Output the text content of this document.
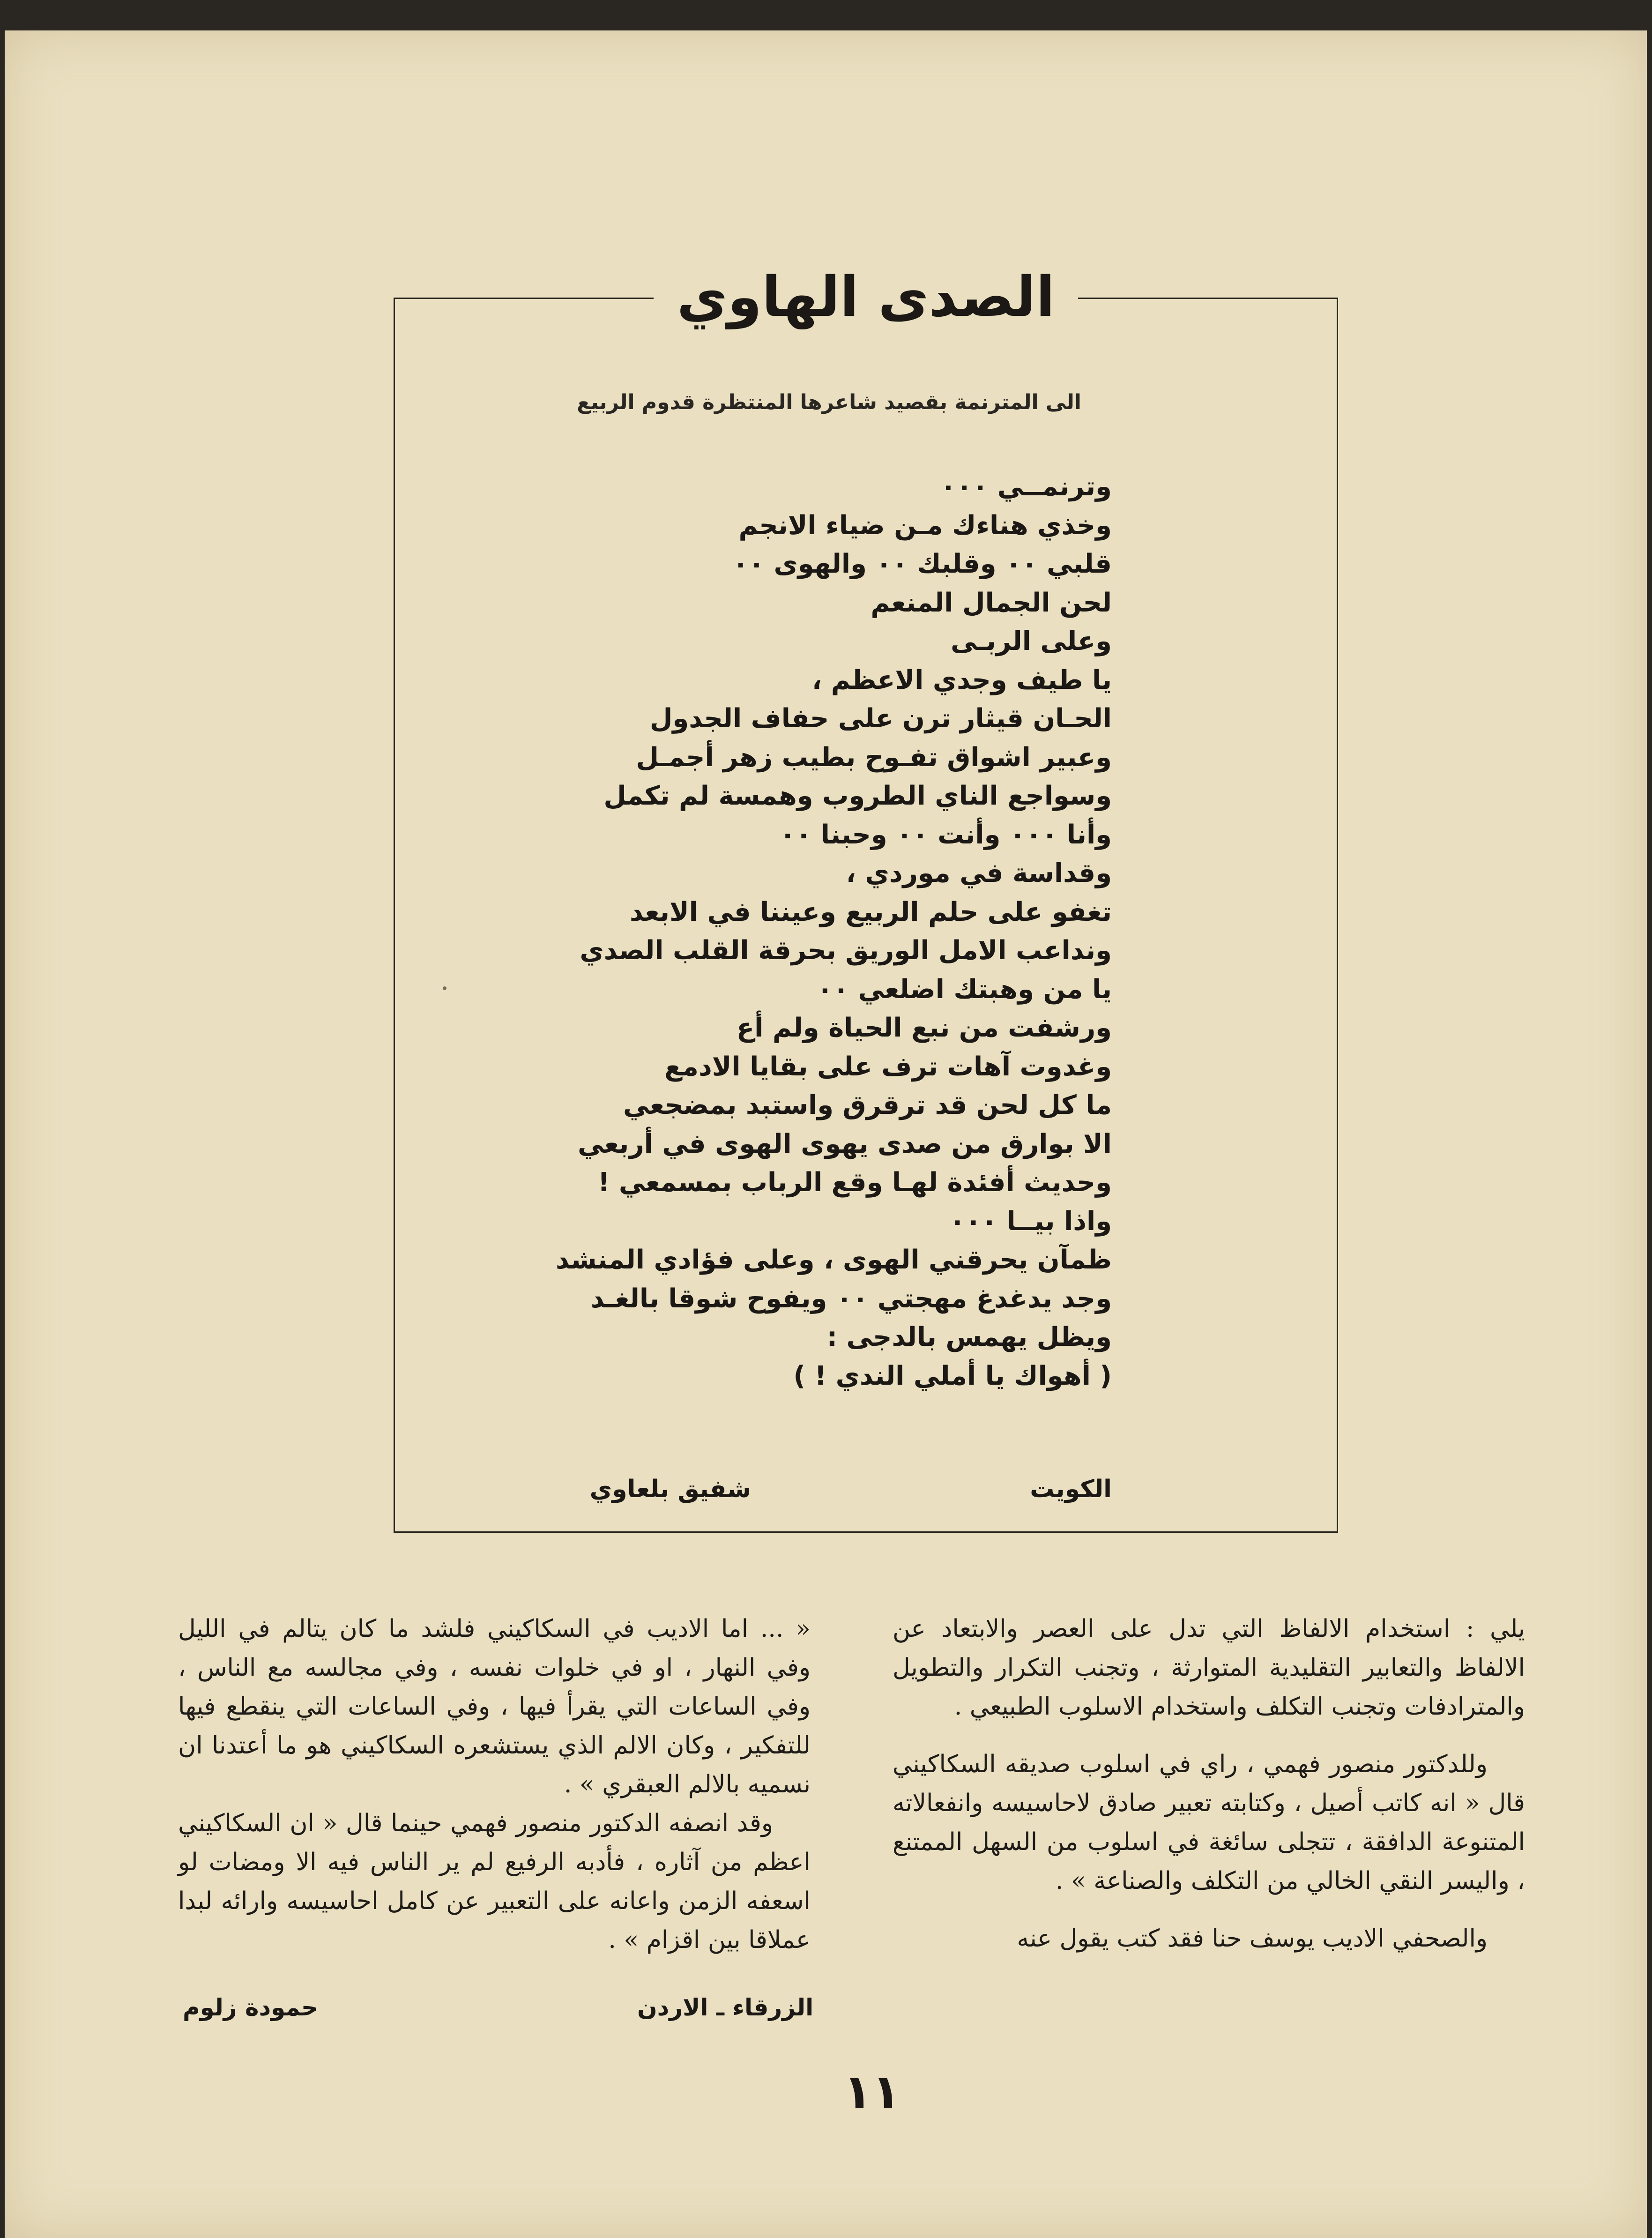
الصدى الهاوي
الى المترنمة بقصيد شاعرها المنتظرة قدوم الربيع
وترنمــي ٠٠٠
وخذي هناءك مـن ضياء الانجم
قلبي ٠٠ وقلبك ٠٠ والهوى ٠٠
لحن الجمال المنعم
وعلى الربـى
يا طيف وجدي الاعظم ،
الحـان قيثار ترن على حفاف الجدول
وعبير اشواق تفـوح بطيب زهر أجمـل
وسواجع الناي الطروب وهمسة لم تكمل
وأنا ٠٠٠ وأنت ٠٠ وحبنا ٠٠
وقداسة في موردي ،
تغفو على حلم الربيع وعيننا في الابعد
ونداعب الامل الوريق بحرقة القلب الصدي
يا من وهبتك اضلعي ٠٠
ورشفت من نبع الحياة ولم أع
وغدوت آهات ترف على بقايا الادمع
ما كل لحن قد ترقرق واستبد بمضجعي
الا بوارق من صدى يهوى الهوى في أربعي
وحديث أفئدة لهـا وقع الرباب بمسمعي !
واذا بيــا ٠٠٠
ظمآن يحرقني الهوى ، وعلى فؤادي المنشد
وجد يدغدغ مهجتي ٠٠ ويفوح شوقا بالغـد
ويظل يهمس بالدجى :
( أهواك يا أملي الندي ! )
الكويت
شفيق بلعاوي

يلي : استخدام الالفاظ التي تدل على العصر والابتعاد عن الالفاظ والتعابير التقليدية المتوارثة ، وتجنب التكرار والتطويل والمترادفات وتجنب التكلف واستخدام الاسلوب الطبيعي .

وللدكتور منصور فهمي ، راي في اسلوب صديقه السكاكيني قال « انه كاتب أصيل ، وكتابته تعبير صادق لاحاسيسه وانفعالاته المتنوعة الدافقة ، تتجلى سائغة في اسلوب من السهل الممتنع ، واليسر النقي الخالي من التكلف والصناعة » .

والصحفي الاديب يوسف حنا فقد كتب يقول عنه

« ... اما الاديب في السكاكيني فلشد ما كان يتالم في الليل وفي النهار ، او في خلوات نفسه ، وفي مجالسه مع الناس ، وفي الساعات التي يقرأ فيها ، وفي الساعات التي ينقطع فيها للتفكير ، وكان الالم الذي يستشعره السكاكيني هو ما أعتدنا ان نسميه بالالم العبقري » .

وقد انصفه الدكتور منصور فهمي حينما قال « ان السكاكيني اعظم من آثاره ، فأدبه الرفيع لم ير الناس فيه الا ومضات لو اسعفه الزمن واعانه على التعبير عن كامل احاسيسه وارائه لبدا عملاقا بين اقزام » .

الزرقاء ـ الاردن
حمودة زلوم
١١
